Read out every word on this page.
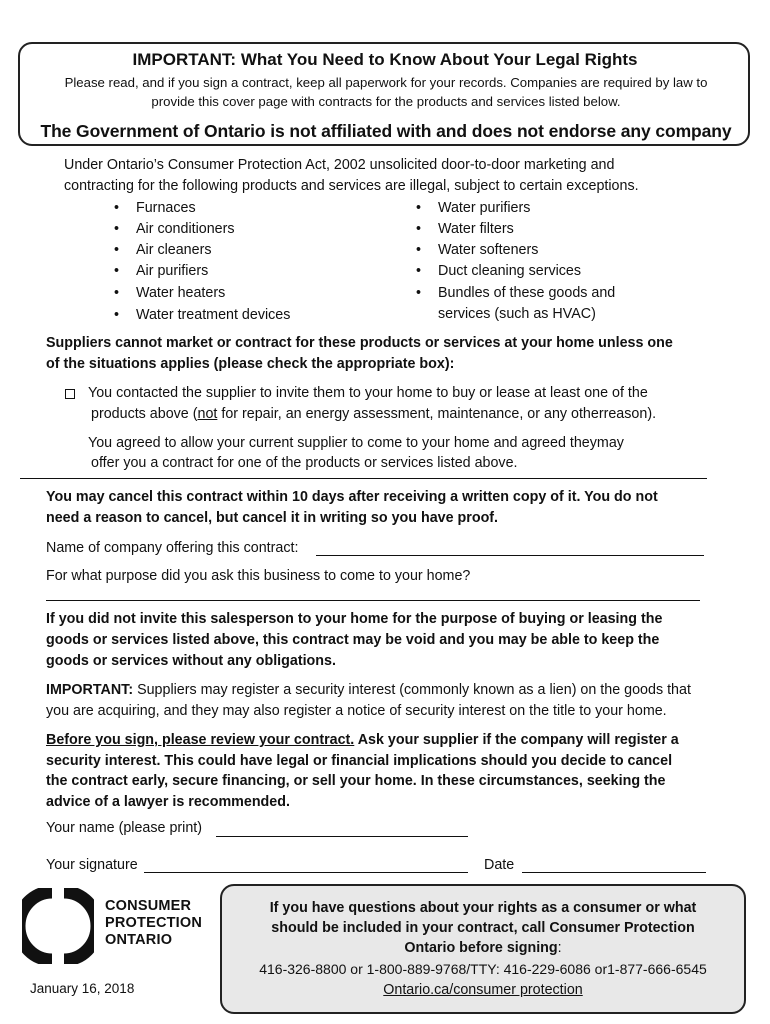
IMPORTANT: What You Need to Know About Your Legal Rights
Please read, and if you sign a contract, keep all paperwork for your records. Companies are required by law to
provide this cover page with contracts for the products and services listed below.
The Government of Ontario is not affiliated with and does not endorse any company
Under Ontario’s Consumer Protection Act, 2002 unsolicited door-to-door marketing and
contracting for the following products and services are illegal, subject to certain exceptions.
• Furnaces
• Air conditioners
• Air cleaners
• Air purifiers
• Water heaters
• Water treatment devices
• Water purifiers
• Water filters
• Water softeners
• Duct cleaning services
• Bundles of these goods and
services (such as HVAC)
Suppliers cannot market or contract for these products or services at your home unless one
of the situations applies (please check the appropriate box):
You contacted the supplier to invite them to your home to buy or lease at least one of the
products above (not for repair, an energy assessment, maintenance, or any otherreason).
You agreed to allow your current supplier to come to your home and agreed theymay
offer you a contract for one of the products or services listed above.
You may cancel this contract within 10 days after receiving a written copy of it. You do not
need a reason to cancel, but cancel it in writing so you have proof.
Name of company offering this contract:
For what purpose did you ask this business to come to your home?
If you did not invite this salesperson to your home for the purpose of buying or leasing the
goods or services listed above, this contract may be void and you may be able to keep the
goods or services without any obligations.
IMPORTANT: Suppliers may register a security interest (commonly known as a lien) on the goods that
you are acquiring, and they may also register a notice of security interest on the title to your home.
Before you sign, please review your contract. Ask your supplier if the company will register a
security interest. This could have legal or financial implications should you decide to cancel
the contract early, secure financing, or sell your home. In these circumstances, seeking the
advice of a lawyer is recommended.
Your name (please print)
Your signature	Date
CONSUMER
PROTECTION
ONTARIO
January 16, 2018
If you have questions about your rights as a consumer or what
should be included in your contract, call Consumer Protection
Ontario before signing:
416-326-8800 or 1-800-889-9768/TTY: 416-229-6086 or1-877-666-6545
Ontario.ca/consumer protection
